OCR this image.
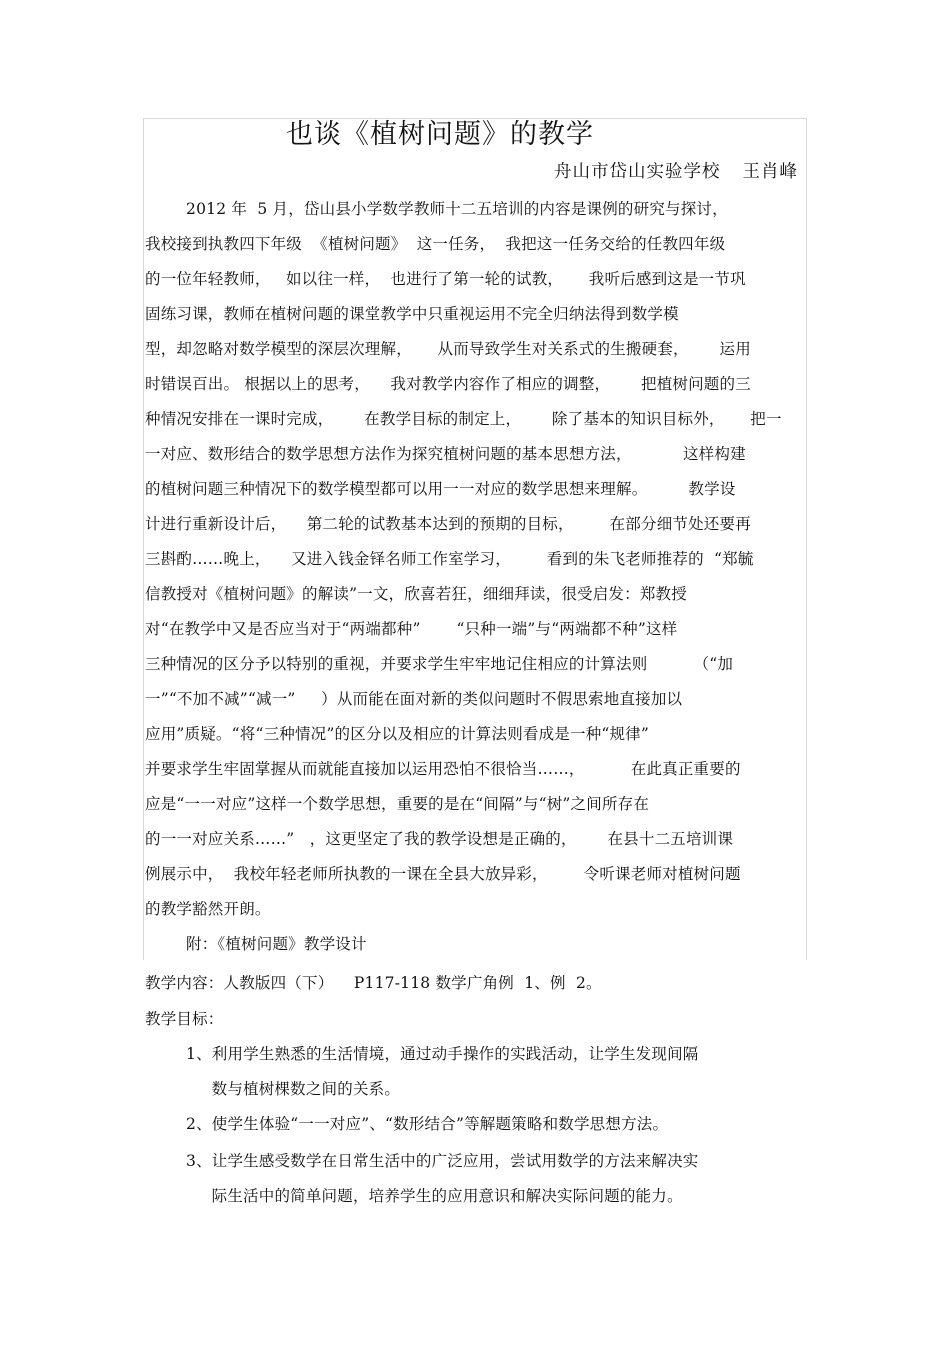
也谈《植树问题》的教学
舟山市岱山实验学校 王肖峰
2012 年  5 月，岱山县小学数学教师十二五培训的内容是课例的研究与探讨，
我校接到执教四下年级  《植树问题》  这一任务，  我把这一任务交给的任教四年级
的一位年轻教师，   如以往一样，  也进行了第一轮的试教，     我听后感到这是一节巩
固练习课，教师在植树问题的课堂教学中只重视运用不完全归纳法得到数学模
型，却忽略对数学模型的深层次理解，     从而导致学生对关系式的生搬硬套，      运用
时错误百出。 根据以上的思考，    我对教学内容作了相应的调整，      把植树问题的三
种情况安排在一课时完成，      在教学目标的制定上，      除了基本的知识目标外，     把一
一对应、数形结合的数学思想方法作为探究植树问题的基本思想方法，          这样构建
的植树问题三种情况下的数学模型都可以用一一对应的数学思想来理解。        教学设
计进行重新设计后，    第二轮的试教基本达到的预期的目标，       在部分细节处还要再
三斟酌……晚上，    又进入钱金铎名师工作室学习，       看到的朱飞老师推荐的  “郑毓
信教授对《植树问题》的解读”一文，欣喜若狂，细细拜读，很受启发：郑教授
对“在教学中又是否应当对于“两端都种”       “只种一端”与“两端都不种”这样
三种情况的区分予以特别的重视，并要求学生牢牢地记住相应的计算法则         （“加
一”“不加不减”“减一”     ）从而能在面对新的类似问题时不假思索地直接加以
应用”质疑。“将“三种情况”的区分以及相应的计算法则看成是一种“规律”
并要求学生牢固掌握从而就能直接加以运用恐怕不很恰当……，         在此真正重要的
应是“一一对应”这样一个数学思想，重要的是在“间隔”与“树”之间所存在
的一一对应关系……”   ，这更坚定了我的教学设想是正确的，      在县十二五培训课
例展示中，  我校年轻老师所执教的一课在全县大放异彩，       令听课老师对植树问题
的教学豁然开朗。
附：《植树问题》教学设计
教学内容：人教版四（下）    P117-118 数学广角例  1、例  2。
教学目标：
1、利用学生熟悉的生活情境，通过动手操作的实践活动，让学生发现间隔
数与植树棵数之间的关系。
2、使学生体验“一一对应”、“数形结合”等解题策略和数学思想方法。
3、让学生感受数学在日常生活中的广泛应用，尝试用数学的方法来解决实
际生活中的简单问题，培养学生的应用意识和解决实际问题的能力。
